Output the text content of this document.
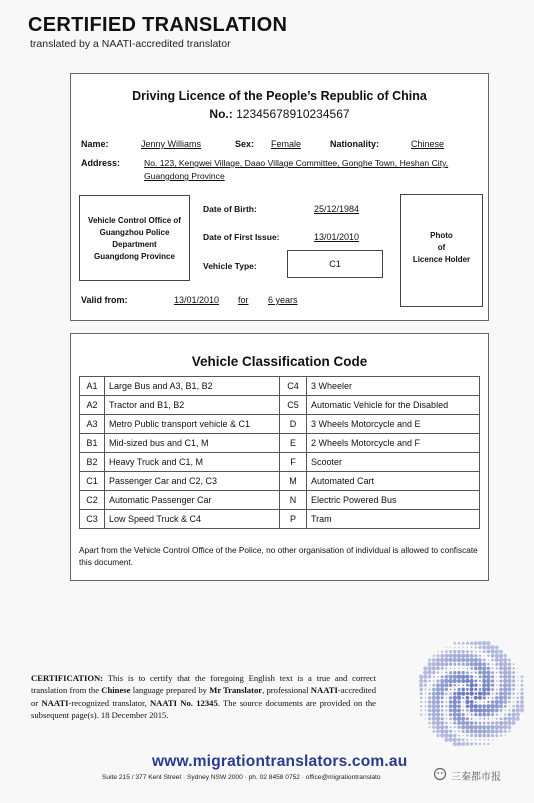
CERTIFIED TRANSLATION
translated by a NAATI-accredited translator
Driving Licence of the People’s Republic of China
No.: 12345678910234567
Name:	Jenny Williams	Sex: Female	Nationality:	Chinese
Address:	No. 123, Kengwei Village, Daao Village Committee, Gonghe Town, Heshan City,
Guangdong Province
Vehicle Control Office of
Guangzhou Police
Department
Guangdong Province
Date of Birth:	25/12/1984
Date of First Issue:	13/01/2010
Vehicle Type:	C1
Photo
of
Licence Holder
Valid from:	13/01/2010 for 6 years
Vehicle Classification Code
A1	Large Bus and A3, B1, B2	C4	3 Wheeler
A2	Tractor and B1, B2	C5	Automatic Vehicle for the Disabled
A3	Metro Public transport vehicle & C1	D	3 Wheels Motorcycle and E
B1	Mid-sized bus and C1, M	E	2 Wheels Motorcycle and F
B2	Heavy Truck and C1, M	F	Scooter
C1	Passenger Car and C2, C3	M	Automated Cart
C2	Automatic Passenger Car	N	Electric Powered Bus
C3	Low Speed Truck & C4	P	Tram
Apart from the Vehicle Control Office of the Police, no other organisation of individual is allowed to confiscate this document.
CERTIFICATION: This is to certify that the foregoing English text is a true and correct translation from the Chinese language prepared by Mr Translator, professional NAATI-accredited or NAATI-recognized translator, NAATI No. 12345. The source documents are provided on the subsequent page(s). 18 December 2015.
www.migrationtranslators.com.au
Suite 215 / 377 Kent Street · Sydney NSW 2000 · ph. 02 8458 0752 · office@migrationtranslato	三秦都市报
